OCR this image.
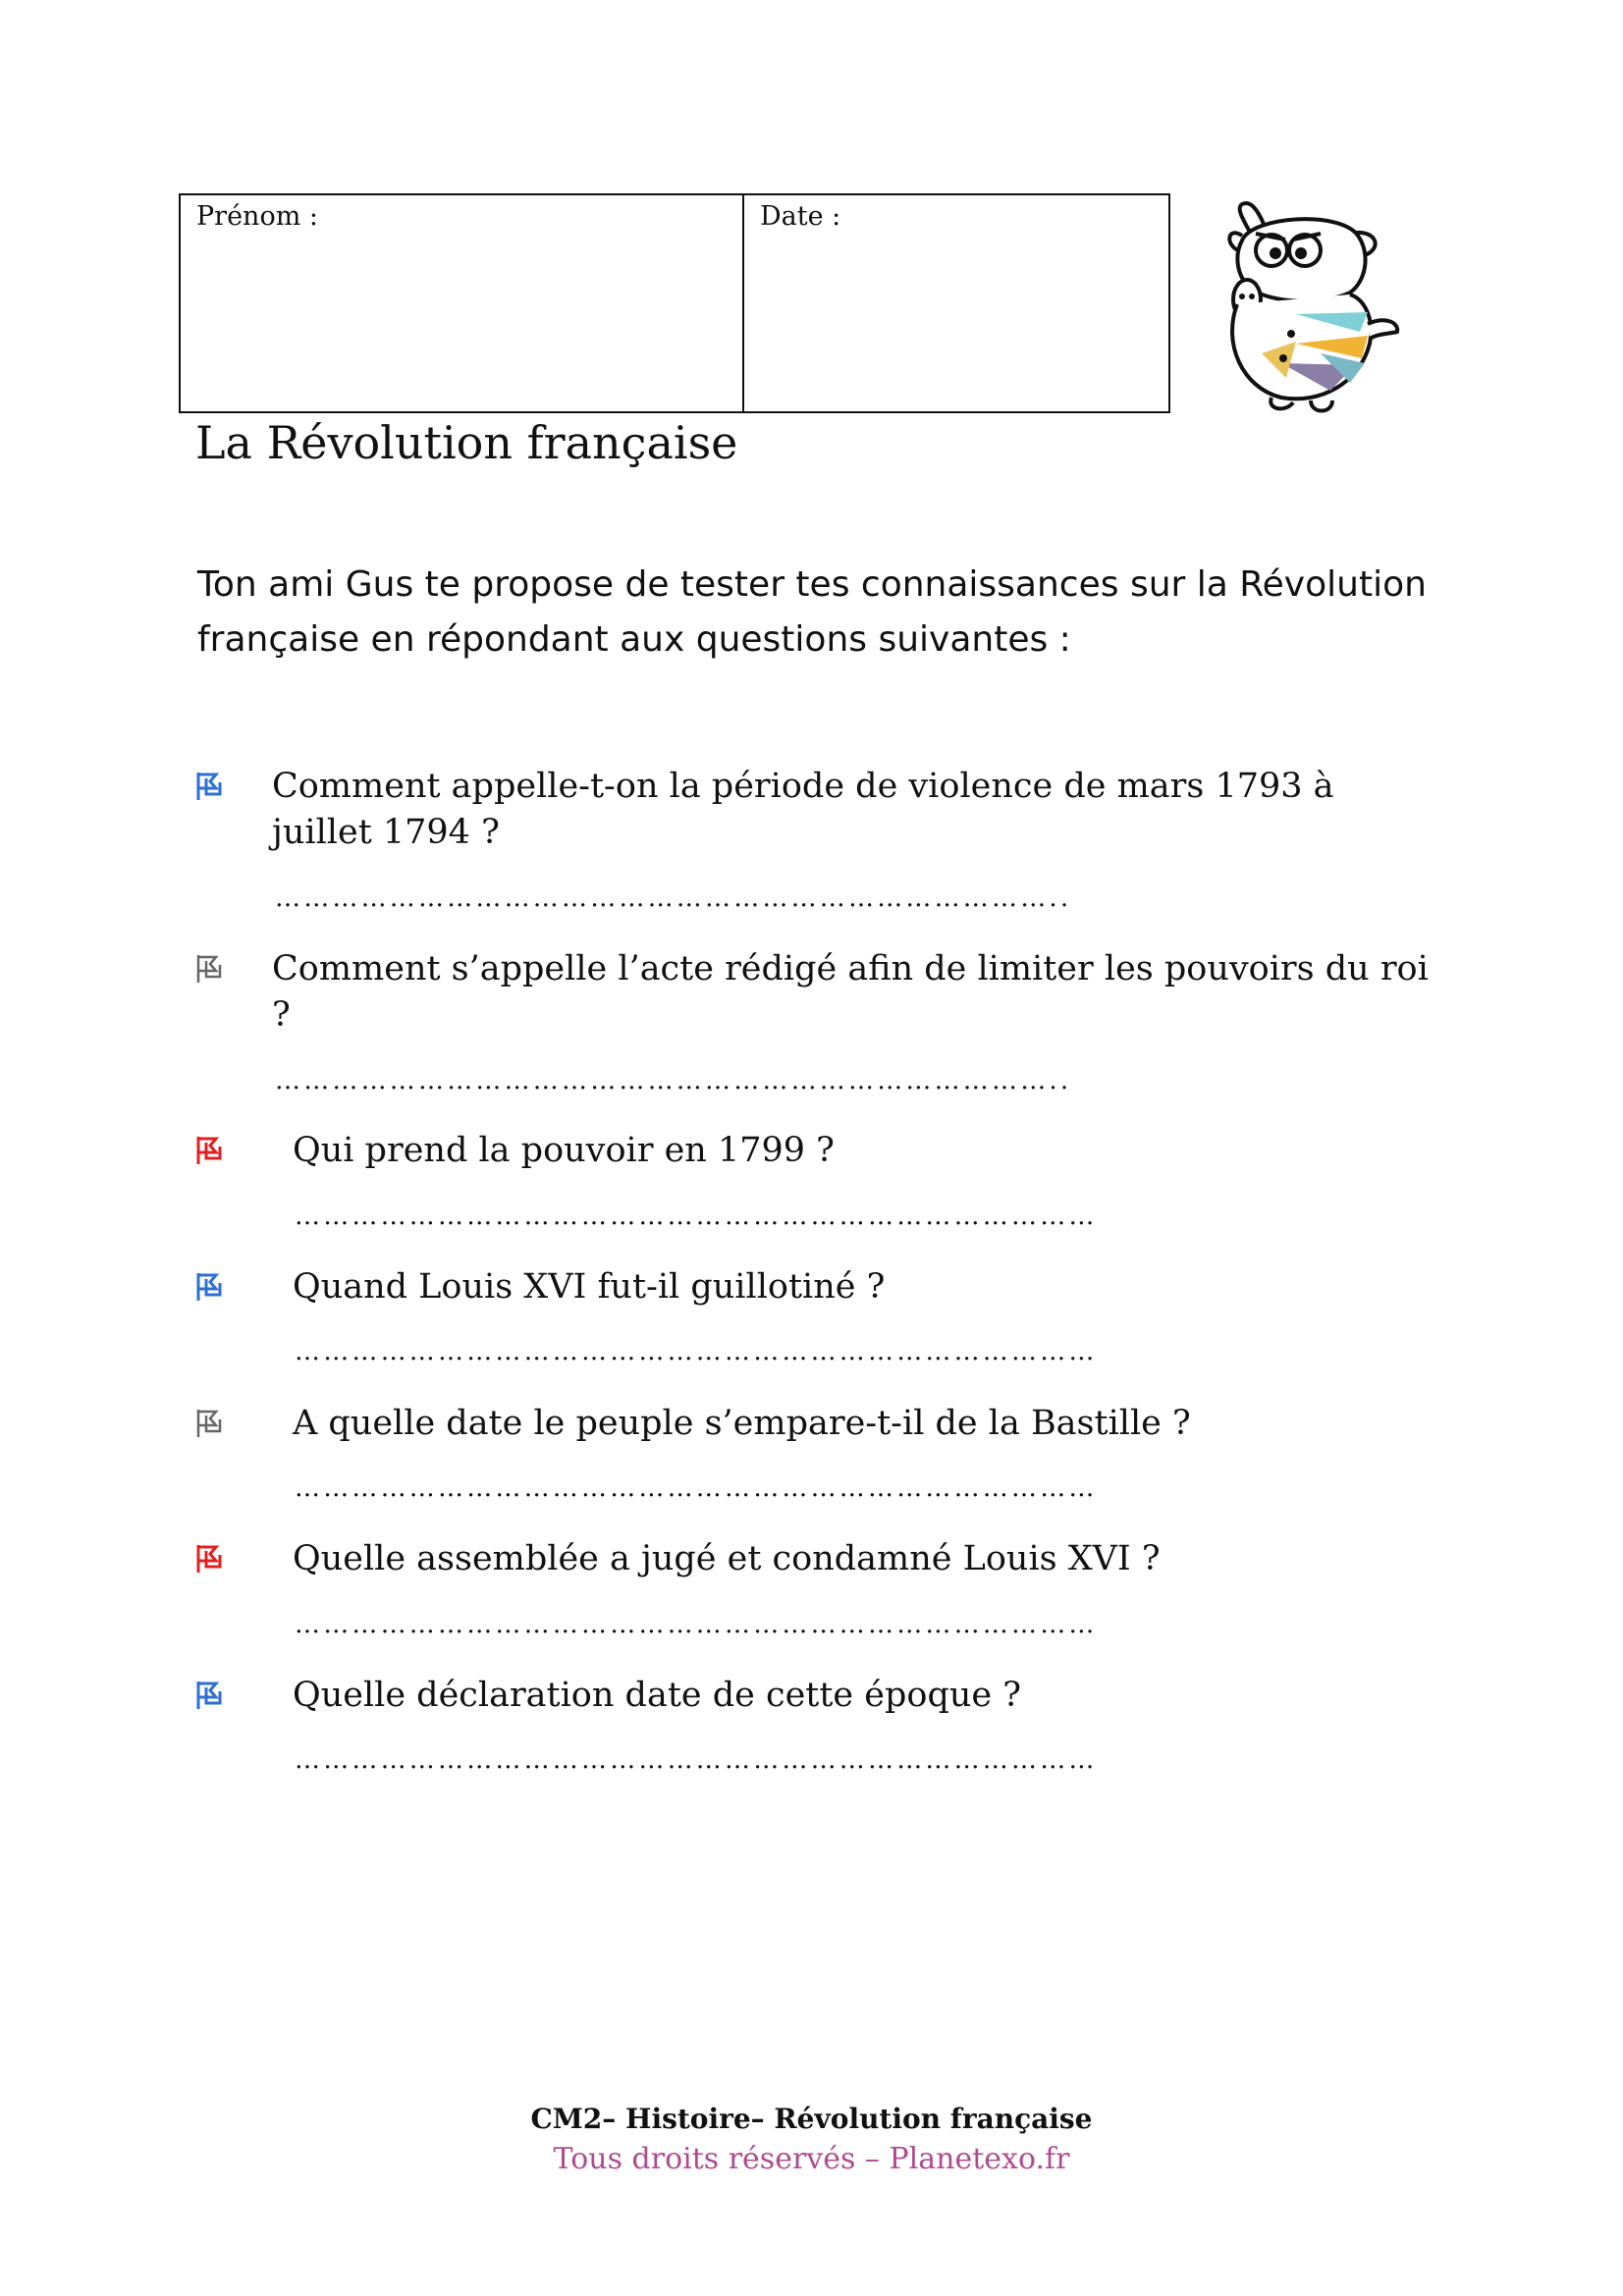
Prénom :	Date :
La Révolution française

Ton ami Gus te propose de tester tes connaissances sur la Révolution française en répondant aux questions suivantes :

Comment appelle-t-on la période de violence de mars 1793 à juillet 1794 ?

………………………………………………………………………..

Comment s’appelle l’acte rédigé afin de limiter les pouvoirs du roi ?

………………………………………………………………………..

Qui prend la pouvoir en 1799 ?

…………………………………………………………………………

Quand Louis XVI fut-il guillotiné ?

…………………………………………………………………………

A quelle date le peuple s’empare-t-il de la Bastille ?

…………………………………………………………………………

Quelle assemblée a jugé et condamné Louis XVI ?

…………………………………………………………………………

Quelle déclaration date de cette époque ?

…………………………………………………………………………
CM2– Histoire– Révolution française
Tous droits réservés – Planetexo.fr
